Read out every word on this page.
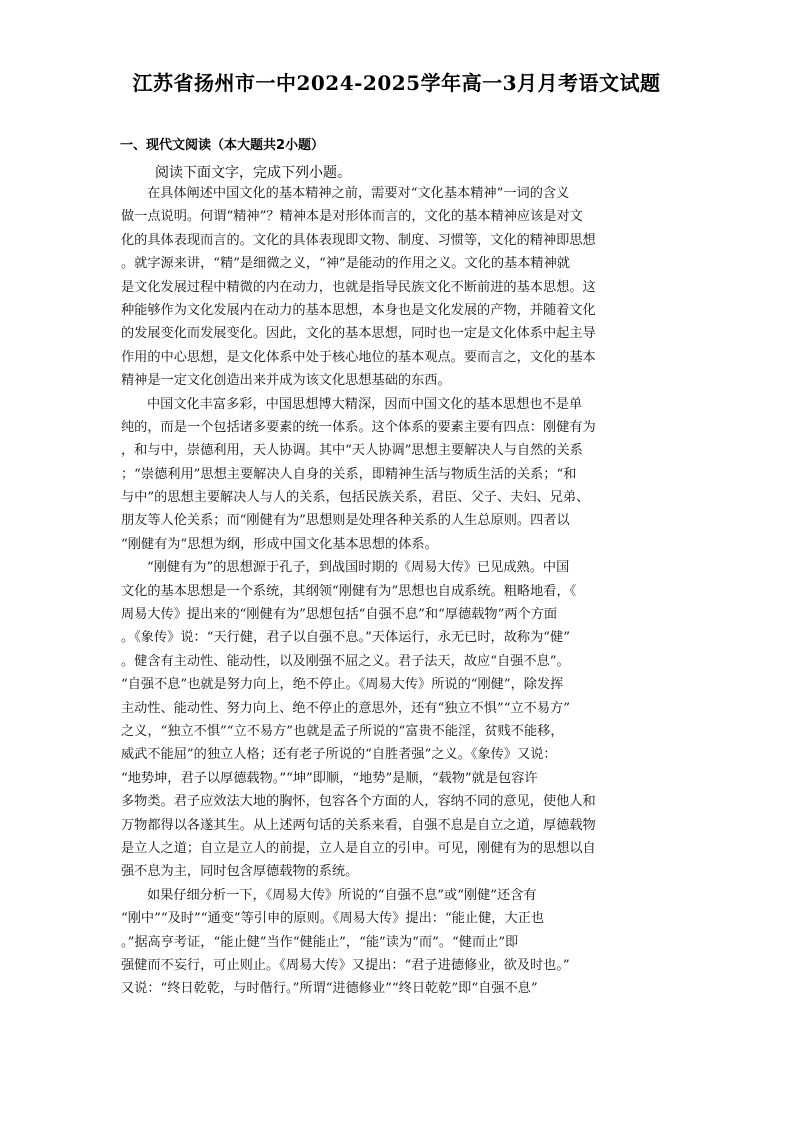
江苏省扬州市一中2024-2025学年高一3月月考语文试题
一、现代文阅读（本大题共2小题）
阅读下面文字，完成下列小题。
在具体阐述中国文化的基本精神之前，需要对“文化基本精神”一词的含义
做一点说明。何谓“精神”？精神本是对形体而言的，文化的基本精神应该是对文
化的具体表现而言的。文化的具体表现即文物、制度、习惯等，文化的精神即思想
。就字源来讲，“精”是细微之义，“神”是能动的作用之义。文化的基本精神就
是文化发展过程中精微的内在动力，也就是指导民族文化不断前进的基本思想。这
种能够作为文化发展内在动力的基本思想，本身也是文化发展的产物，并随着文化
的发展变化而发展变化。因此，文化的基本思想，同时也一定是文化体系中起主导
作用的中心思想，是文化体系中处于核心地位的基本观点。要而言之，文化的基本
精神是一定文化创造出来并成为该文化思想基础的东西。
中国文化丰富多彩，中国思想博大精深，因而中国文化的基本思想也不是单
纯的，而是一个包括诸多要素的统一体系。这个体系的要素主要有四点：刚健有为
，和与中，崇德利用，天人协调。其中“天人协调”思想主要解决人与自然的关系
；“崇德利用”思想主要解决人自身的关系，即精神生活与物质生活的关系；“和
与中”的思想主要解决人与人的关系，包括民族关系，君臣、父子、夫妇、兄弟、
朋友等人伦关系；而“刚健有为”思想则是处理各种关系的人生总原则。四者以
“刚健有为”思想为纲，形成中国文化基本思想的体系。
“刚健有为”的思想源于孔子，到战国时期的《周易大传》已见成熟。中国
文化的基本思想是一个系统，其纲领“刚健有为”思想也自成系统。粗略地看，《
周易大传》提出来的“刚健有为”思想包括“自强不息”和“厚德载物”两个方面
。《象传》说：“天行健，君子以自强不息。”天体运行，永无已时，故称为“健”
。健含有主动性、能动性，以及刚强不屈之义。君子法天，故应“自强不息”。
“自强不息”也就是努力向上，绝不停止。《周易大传》所说的“刚健”，除发挥
主动性、能动性、努力向上、绝不停止的意思外，还有“独立不惧”“立不易方”
之义，“独立不惧”“立不易方”也就是孟子所说的“富贵不能淫，贫贱不能移，
威武不能屈”的独立人格；还有老子所说的“自胜者强”之义。《象传》又说：
“地势坤，君子以厚德载物。”“坤”即顺，“地势”是顺，“载物”就是包容许
多物类。君子应效法大地的胸怀，包容各个方面的人，容纳不同的意见，使他人和
万物都得以各遂其生。从上述两句话的关系来看，自强不息是自立之道，厚德载物
是立人之道；自立是立人的前提，立人是自立的引申。可见，刚健有为的思想以自
强不息为主，同时包含厚德载物的系统。
如果仔细分析一下，《周易大传》所说的“自强不息”或“刚健”还含有
“刚中”“及时”“通变”等引申的原则。《周易大传》提出：“能止健，大正也
。”据高亨考证，“能止健”当作“健能止”，“能”读为“而”。“健而止”即
强健而不妄行，可止则止。《周易大传》又提出：“君子进德修业，欲及时也。”
又说：“终日乾乾，与时偕行。”所谓“进德修业”“终日乾乾”即“自强不息”
